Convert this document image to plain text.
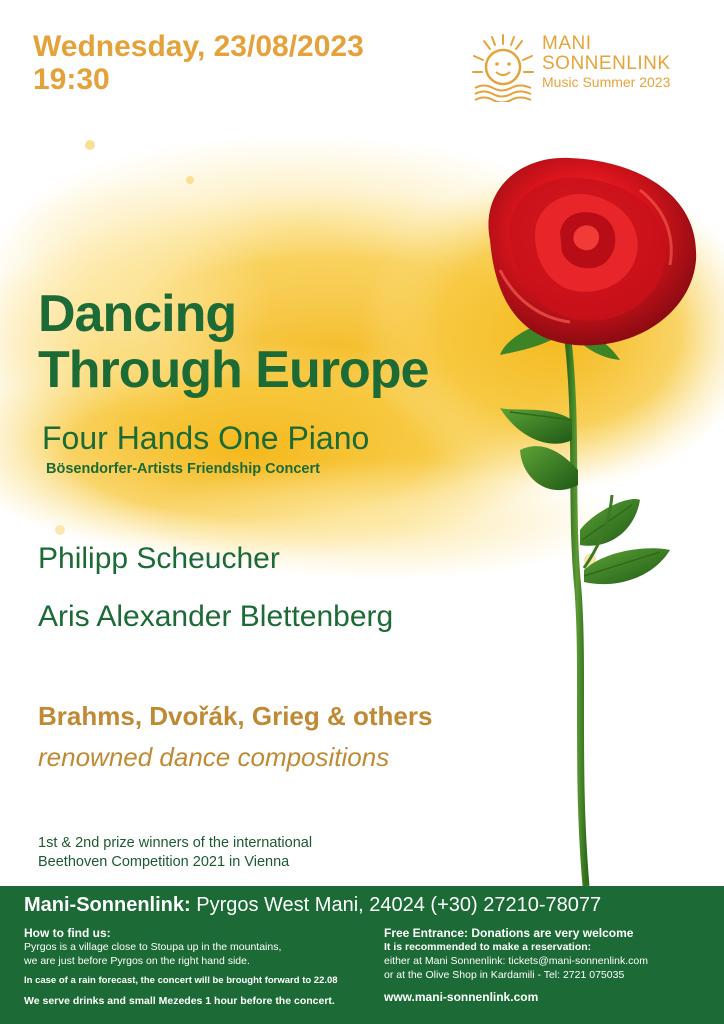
Wednesday, 23/08/2023
19:30
MANI
SONNENLINK
Music Summer 2023
Dancing
Through Europe
Four Hands One Piano
Bösendorfer-Artists Friendship Concert
Philipp Scheucher
Aris Alexander Blettenberg
Brahms, Dvořák, Grieg & others
renowned dance compositions
1st & 2nd prize winners of the international
Beethoven Competition 2021 in Vienna
Mani-Sonnenlink: Pyrgos West Mani, 24024 (+30) 27210-78077
How to find us:
Pyrgos is a village close to Stoupa up in the mountains,
we are just before Pyrgos on the right hand side.
In case of a rain forecast, the concert will be brought forward to 22.08
We serve drinks and small Mezedes 1 hour before the concert.
Free Entrance: Donations are very welcome
It is recommended to make a reservation:
either at Mani Sonnenlink: tickets@mani-sonnenlink.com
or at the Olive Shop in Kardamili - Tel: 2721 075035
www.mani-sonnenlink.com
